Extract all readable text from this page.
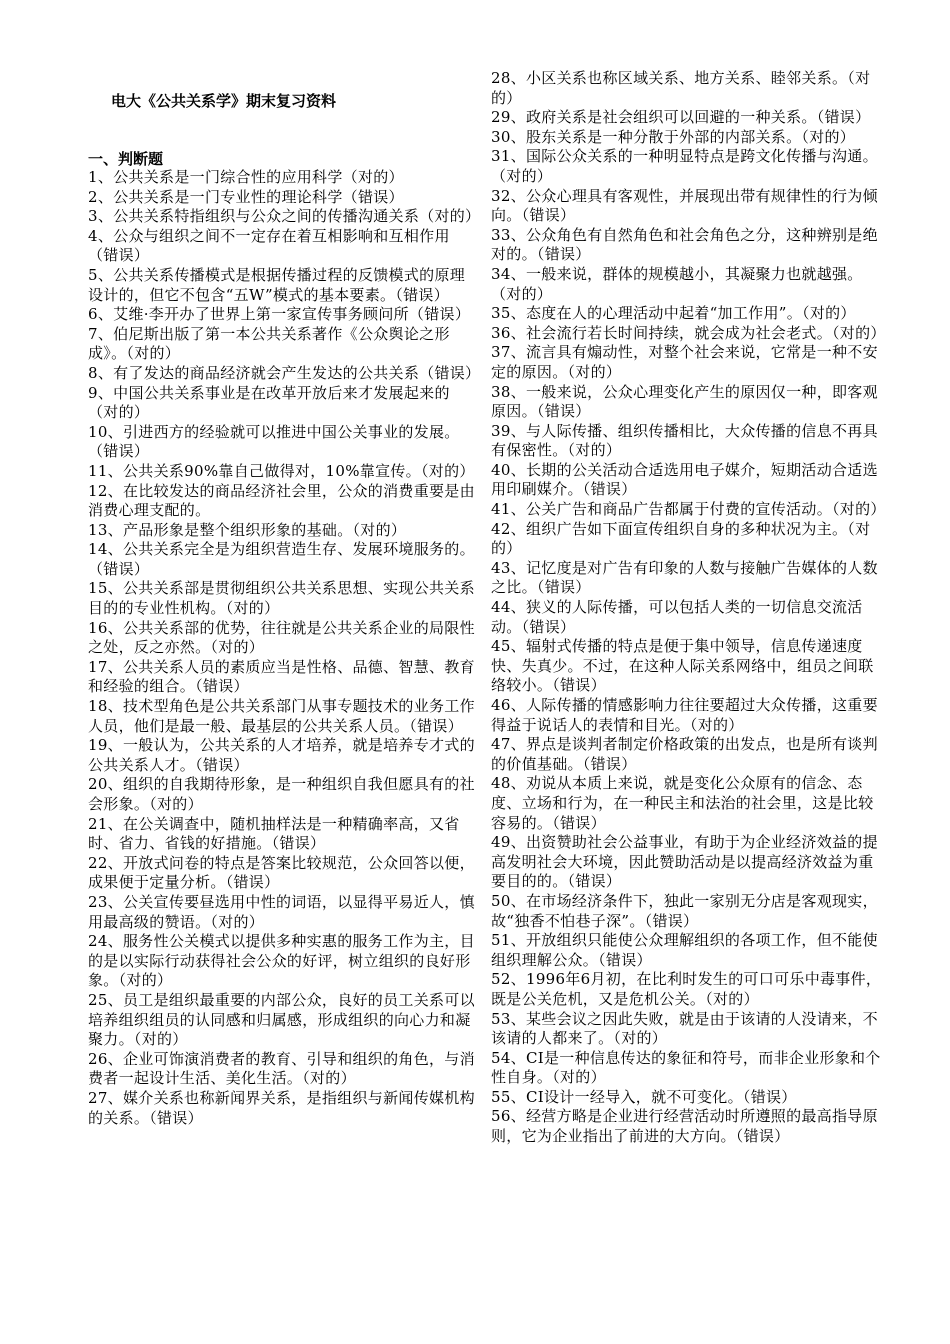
电大《公共关系学》期末复习资料
一、判断题

1、公共关系是一门综合性的应用科学（对的）

2、公共关系是一门专业性的理论科学（错误）

3、公共关系特指组织与公众之间的传播沟通关系（对的）

4、公众与组织之间不一定存在着互相影响和互相作用（错误）

5、公共关系传播模式是根据传播过程的反馈模式的原理设计的，但它不包含“五W”模式的基本要素。（错误）

6、艾维·李开办了世界上第一家宣传事务顾问所（错误）

7、伯尼斯出版了第一本公共关系著作《公众舆论之形成》。（对的）

8、有了发达的商品经济就会产生发达的公共关系（错误）

9、中国公共关系事业是在改革开放后来才发展起来的（对的）

10、引进西方的经验就可以推进中国公关事业的发展。（错误）

11、公共关系90%靠自己做得对，10%靠宣传。（对的）

12、在比较发达的商品经济社会里，公众的消费重要是由消费心理支配的。

13、产品形象是整个组织形象的基础。（对的）

14、公共关系完全是为组织营造生存、发展环境服务的。（错误）

15、公共关系部是贯彻组织公共关系思想、实现公共关系目的的专业性机构。（对的）

16、公共关系部的优势，往往就是公共关系企业的局限性之处，反之亦然。（对的）

17、公共关系人员的素质应当是性格、品德、智慧、教育和经验的组合。（错误）

18、技术型角色是公共关系部门从事专题技术的业务工作人员，他们是最一般、最基层的公共关系人员。（错误）

19、一般认为，公共关系的人才培养，就是培养专才式的公共关系人才。（错误）

20、组织的自我期待形象，是一种组织自我但愿具有的社会形象。（对的）

21、在公关调查中，随机抽样法是一种精确率高，又省时、省力、省钱的好措施。（错误）

22、开放式问卷的特点是答案比较规范，公众回答以便，成果便于定量分析。（错误）

23、公关宣传要昼选用中性的词语，以显得平易近人，慎用最高级的赞语。（对的）

24、服务性公关模式以提供多种实惠的服务工作为主，目的是以实际行动获得社会公众的好评，树立组织的良好形象。（对的）

25、员工是组织最重要的内部公众，良好的员工关系可以培养组织组员的认同感和归属感，形成组织的向心力和凝聚力。（对的）

26、企业可饰演消费者的教育、引导和组织的角色，与消费者一起设计生活、美化生活。（对的）

27、媒介关系也称新闻界关系，是指组织与新闻传媒机构的关系。（错误）

28、小区关系也称区域关系、地方关系、睦邻关系。（对的）

29、政府关系是社会组织可以回避的一种关系。（错误）

30、股东关系是一种分散于外部的内部关系。（对的）

31、国际公众关系的一种明显特点是跨文化传播与沟通。（对的）

32、公众心理具有客观性，并展现出带有规律性的行为倾向。（错误）

33、公众角色有自然角色和社会角色之分，这种辨别是绝对的。（错误）

34、一般来说，群体的规模越小，其凝聚力也就越强。（对的）

35、态度在人的心理活动中起着“加工作用”。（对的）

36、社会流行若长时间持续，就会成为社会老式。（对的）

37、流言具有煽动性，对整个社会来说，它常是一种不安定的原因。（对的）

38、一般来说，公众心理变化产生的原因仅一种，即客观原因。（错误）

39、与人际传播、组织传播相比，大众传播的信息不再具有保密性。（对的）

40、长期的公关活动合适选用电子媒介，短期活动合适选用印刷媒介。（错误）

41、公关广告和商品广告都属于付费的宣传活动。（对的）

42、组织广告如下面宣传组织自身的多种状况为主。（对的）

43、记忆度是对广告有印象的人数与接触广告媒体的人数之比。（错误）

44、狭义的人际传播，可以包括人类的一切信息交流活动。（错误）

45、辐射式传播的特点是便于集中领导，信息传递速度快、失真少。不过，在这种人际关系网络中，组员之间联络较小。（错误）

46、人际传播的情感影响力往往要超过大众传播，这重要得益于说话人的表情和目光。（对的）

47、界点是谈判者制定价格政策的出发点，也是所有谈判的价值基础。（错误）

48、劝说从本质上来说，就是变化公众原有的信念、态度、立场和行为，在一种民主和法治的社会里，这是比较容易的。（错误）

49、出资赞助社会公益事业，有助于为企业经济效益的提高发明社会大环境，因此赞助活动是以提高经济效益为重要目的的。（错误）

50、在市场经济条件下，独此一家别无分店是客观现实，故“独香不怕巷子深”。（错误）

51、开放组织只能使公众理解组织的各项工作，但不能使组织理解公众。（错误）

52、1996年6月初，在比利时发生的可口可乐中毒事件，既是公关危机，又是危机公关。（对的）

53、某些会议之因此失败，就是由于该请的人没请来，不该请的人都来了。（对的）

54、CI是一种信息传达的象征和符号，而非企业形象和个性自身。（对的）

55、CI设计一经导入，就不可变化。（错误）

56、经营方略是企业进行经营活动时所遵照的最高指导原则，它为企业指出了前进的大方向。（错误）
